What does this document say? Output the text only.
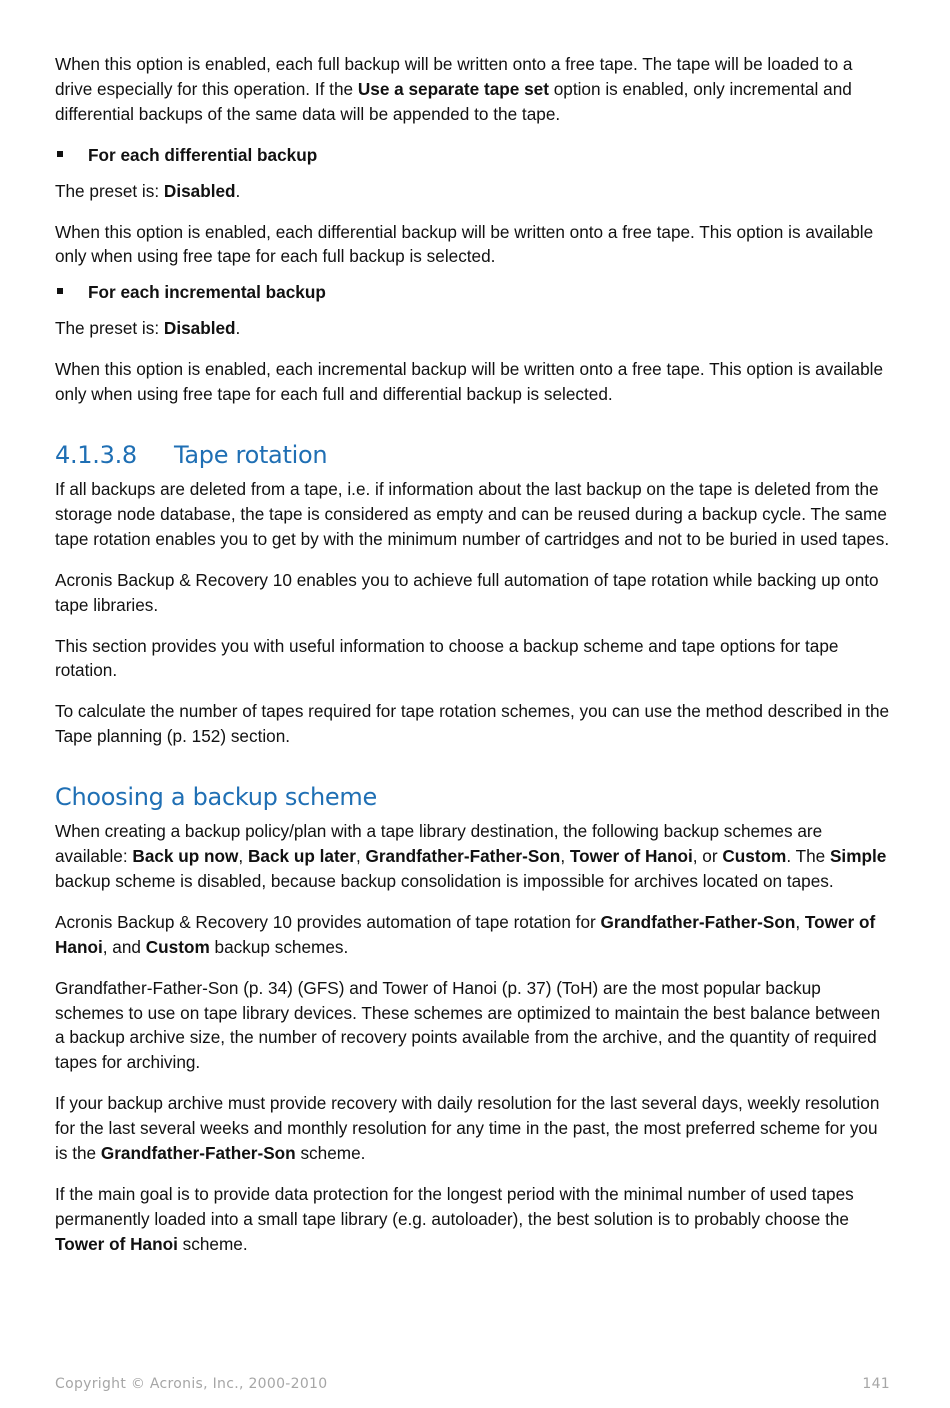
When this option is enabled, each full backup will be written onto a free tape. The tape will be loaded to a drive especially for this operation. If the Use a separate tape set option is enabled, only incremental and differential backups of the same data will be appended to the tape.

For each differential backup

The preset is: Disabled.

When this option is enabled, each differential backup will be written onto a free tape. This option is available only when using free tape for each full backup is selected.

For each incremental backup

The preset is: Disabled.

When this option is enabled, each incremental backup will be written onto a free tape. This option is available only when using free tape for each full and differential backup is selected.

4.1.3.8 Tape rotation

If all backups are deleted from a tape, i.e. if information about the last backup on the tape is deleted from the storage node database, the tape is considered as empty and can be reused during a backup cycle. The same tape rotation enables you to get by with the minimum number of cartridges and not to be buried in used tapes.

Acronis Backup & Recovery 10 enables you to achieve full automation of tape rotation while backing up onto tape libraries.

This section provides you with useful information to choose a backup scheme and tape options for tape rotation.

To calculate the number of tapes required for tape rotation schemes, you can use the method described in the Tape planning (p. 152) section.

Choosing a backup scheme

When creating a backup policy/plan with a tape library destination, the following backup schemes are available: Back up now, Back up later, Grandfather-Father-Son, Tower of Hanoi, or Custom. The Simple backup scheme is disabled, because backup consolidation is impossible for archives located on tapes.

Acronis Backup & Recovery 10 provides automation of tape rotation for Grandfather-Father-Son, Tower of Hanoi, and Custom backup schemes.

Grandfather-Father-Son (p. 34) (GFS) and Tower of Hanoi (p. 37) (ToH) are the most popular backup schemes to use on tape library devices. These schemes are optimized to maintain the best balance between a backup archive size, the number of recovery points available from the archive, and the quantity of required tapes for archiving.

If your backup archive must provide recovery with daily resolution for the last several days, weekly resolution for the last several weeks and monthly resolution for any time in the past, the most preferred scheme for you is the Grandfather-Father-Son scheme.

If the main goal is to provide data protection for the longest period with the minimal number of used tapes permanently loaded into a small tape library (e.g. autoloader), the best solution is to probably choose the Tower of Hanoi scheme.

Copyright © Acronis, Inc., 2000-2010	141
